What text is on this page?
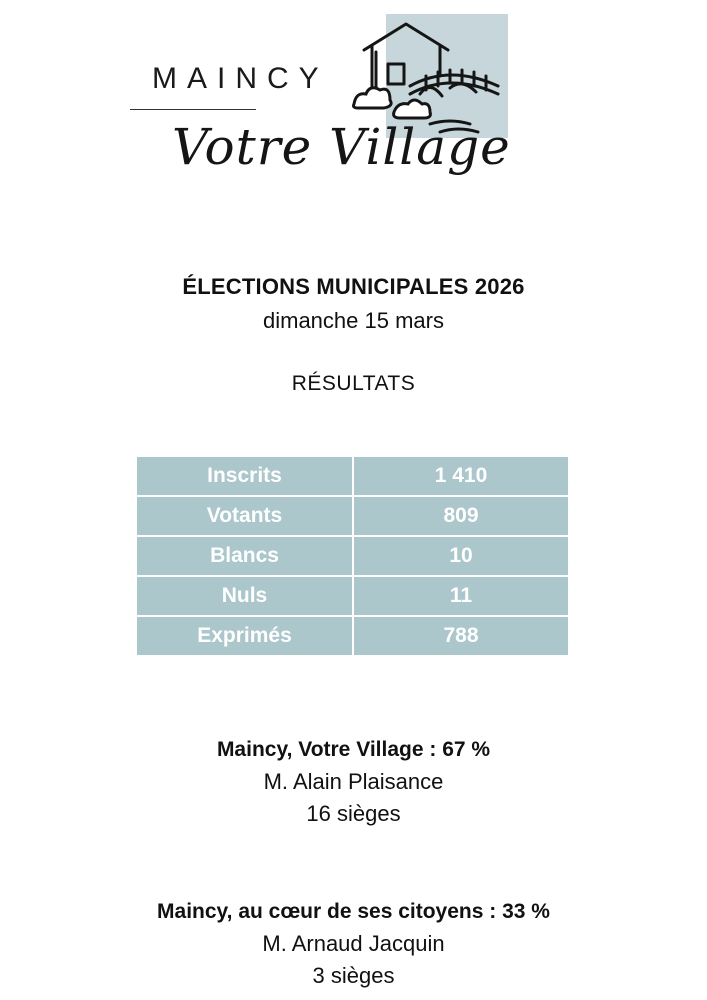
MAINCY
Votre Village
ÉLECTIONS MUNICIPALES 2026
dimanche 15 mars
RÉSULTATS
Inscrits	1 410
Votants	809
Blancs	10
Nuls	11
Exprimés	788
Maincy, Votre Village : 67 %
M. Alain Plaisance
16 sièges
Maincy, au cœur de ses citoyens : 33 %
M. Arnaud Jacquin
3 sièges
